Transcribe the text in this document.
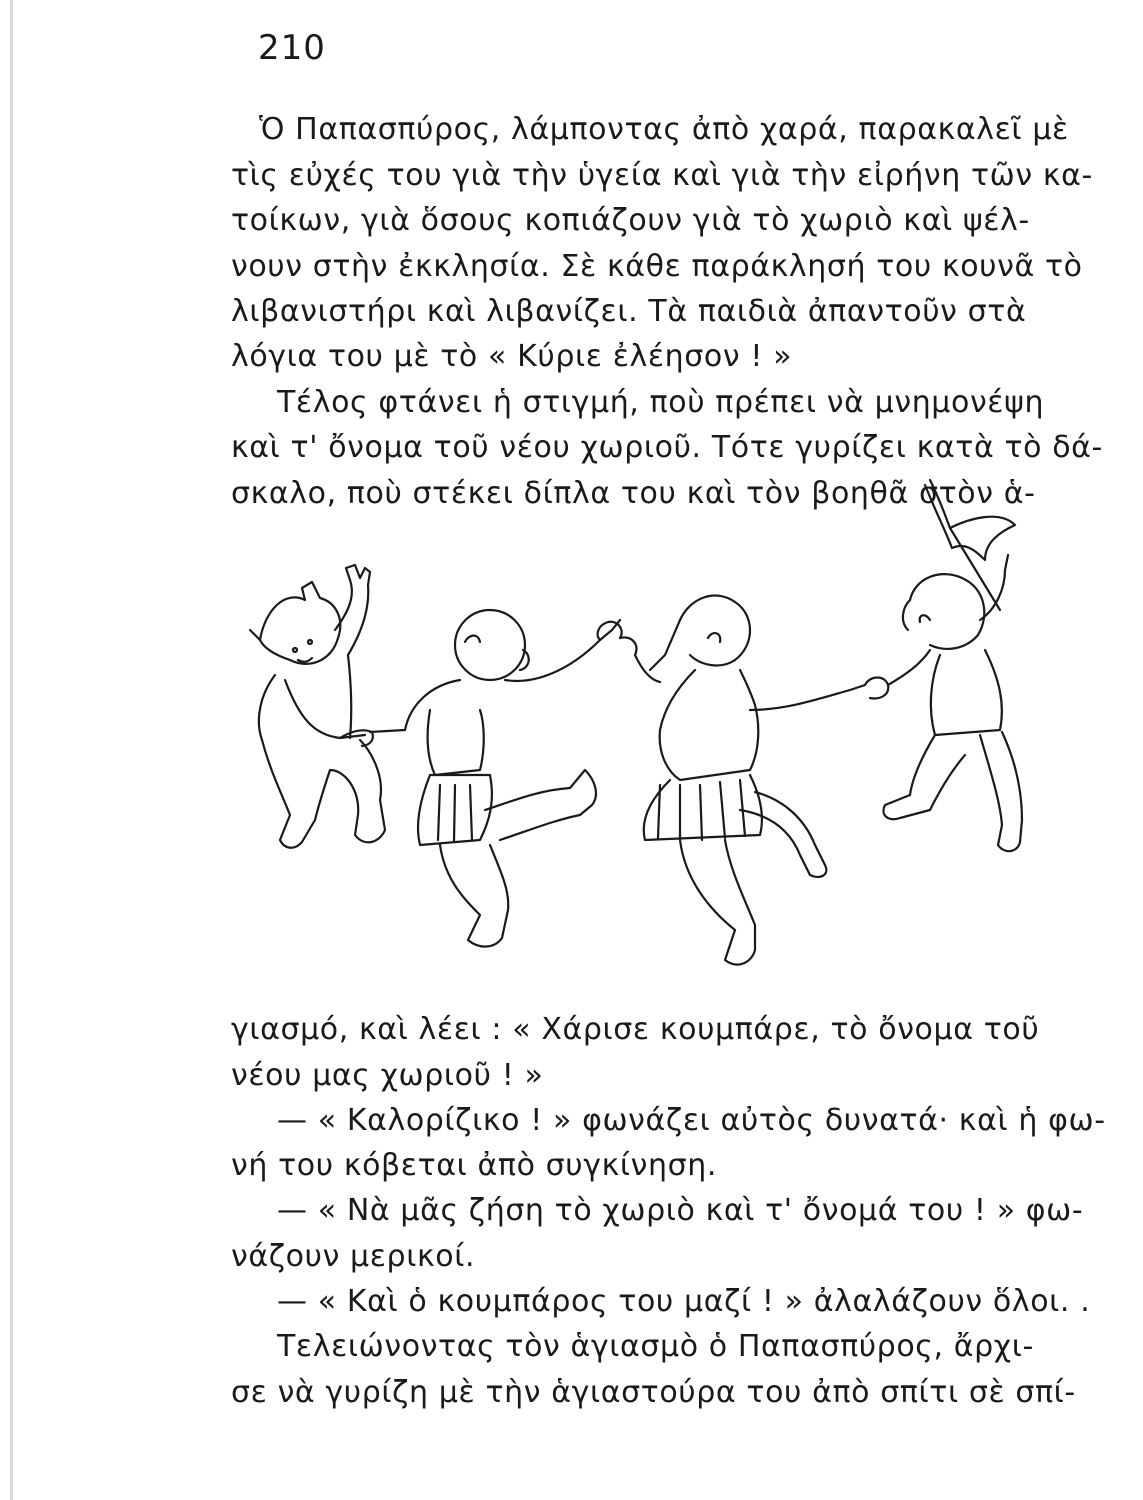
210
Ὁ Παπασπύρος, λάμποντας ἀπὸ χαρά, παρακαλεῖ μὲ
τὶς εὐχές του γιὰ τὴν ὑγεία καὶ γιὰ τὴν εἰρήνη τῶν κα-
τοίκων, γιὰ ὅσους κοπιάζουν γιὰ τὸ χωριὸ καὶ ψέλ-
νουν στὴν ἐκκλησία. Σὲ κάθε παράκλησή του κουνᾶ τὸ
λιβανιστήρι καὶ λιβανίζει. Τὰ παιδιὰ ἀπαντοῦν στὰ
λόγια του μὲ τὸ « Κύριε ἐλέησον ! »
Τέλος φτάνει ἡ στιγμή, ποὺ πρέπει νὰ μνημονέψη
καὶ τ' ὄνομα τοῦ νέου χωριοῦ. Τότε γυρίζει κατὰ τὸ δά-
σκαλο, ποὺ στέκει δίπλα του καὶ τὸν βοηθᾶ στὸν ἁ-
γιασμό, καὶ λέει : « Χάρισε κουμπάρε, τὸ ὄνομα τοῦ
νέου μας χωριοῦ ! »
— « Καλορίζικο ! » φωνάζει αὐτὸς δυνατά· καὶ ἡ φω-
νή του κόβεται ἀπὸ συγκίνηση.
— « Νὰ μᾶς ζήση τὸ χωριὸ καὶ τ' ὄνομά του ! » φω-
νάζουν μερικοί.
— « Καὶ ὁ κουμπάρος του μαζί ! » ἀλαλάζουν ὅλοι. .
Τελειώνοντας τὸν ἁγιασμὸ ὁ Παπασπύρος, ἄρχι-
σε νὰ γυρίζη μὲ τὴν ἁγιαστούρα του ἀπὸ σπίτι σὲ σπί-
